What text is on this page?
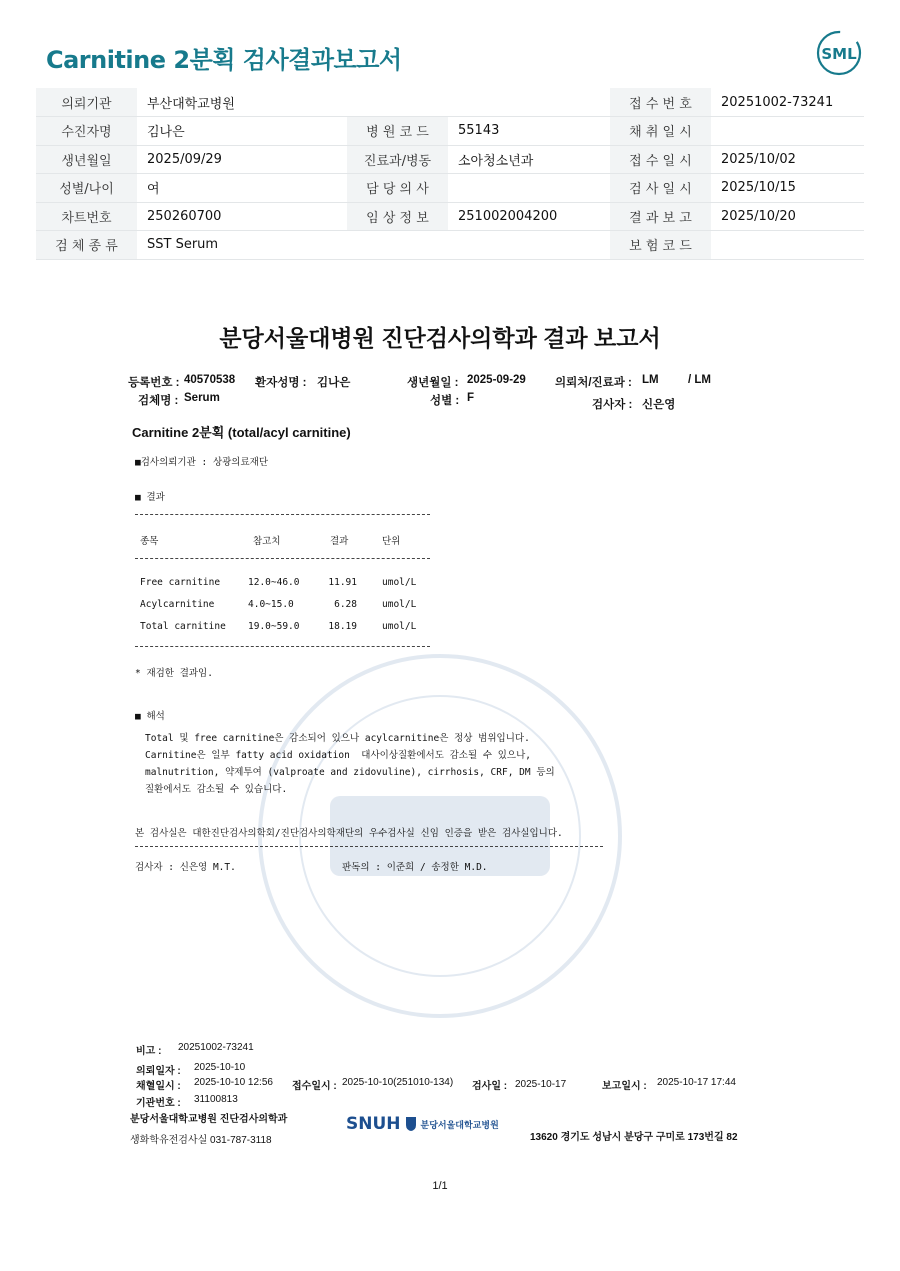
Carnitine 2분획 검사결과보고서	SML
의뢰기관	부산대학교병원			접 수 번 호	20251002-73241
수진자명	김나은	병 원 코 드	55143	채 취 일 시	
생년월일	2025/09/29	진료과/병동	소아청소년과	접 수 일 시	2025/10/02
성별/나이	여	담 당 의 사		검 사 일 시	2025/10/15
차트번호	250260700	임 상 정 보	251002004200	결 과 보 고	2025/10/20
검 체 종 류	SST Serum			보 험 코 드	
분당서울대병원 진단검사의학과 결과 보고서
등록번호 : 40570538 환자성명 : 김나은	생년월일 : 2025-09-29	의뢰처/진료과 : LM	/ LM
검체명 : Serum	성별 : F
검사자 : 신은영
Carnitine 2분획 (total/acyl carnitine)
■검사의뢰기관 : 상광의료재단
■ 결과
종목	참고치	결과	단위
Free carnitine	12.0~46.0	11.91	umol/L
Acylcarnitine	4.0~15.0	6.28	umol/L
Total carnitine 19.0~59.0	18.19	umol/L
* 재검한 결과임.
■ 해석
Total 및 free carnitine은 감소되어 있으나 acylcarnitine은 정상 범위입니다.
Carnitine은 일부 fatty acid oxidation  대사이상질환에서도 감소될 수 있으나,
malnutrition, 약제투여 (valproate and zidovuline), cirrhosis, CRF, DM 등의
질환에서도 감소될 수 있습니다.
본 검사실은 대한진단검사의학회/진단검사의학재단의 우수검사실 신임 인증을 받은 검사실입니다.
검사자 : 신은영 M.T.	판독의 : 이준희 / 송정한 M.D.
비고 : 20251002-73241
의뢰일자 : 2025-10-10
채혈일시 : 2025-10-10 12:56 접수일시 : 2025-10-10(251010-134) 검사일 : 2025-10-17	보고일시 : 2025-10-17 17:44
기관번호 : 31100813
분당서울대학교병원 진단검사의학과
생화학유전검사실 031-787-3118
SNUH 분당서울대학교병원
13620 경기도 성남시 분당구 구미로 173번길 82
1/1
